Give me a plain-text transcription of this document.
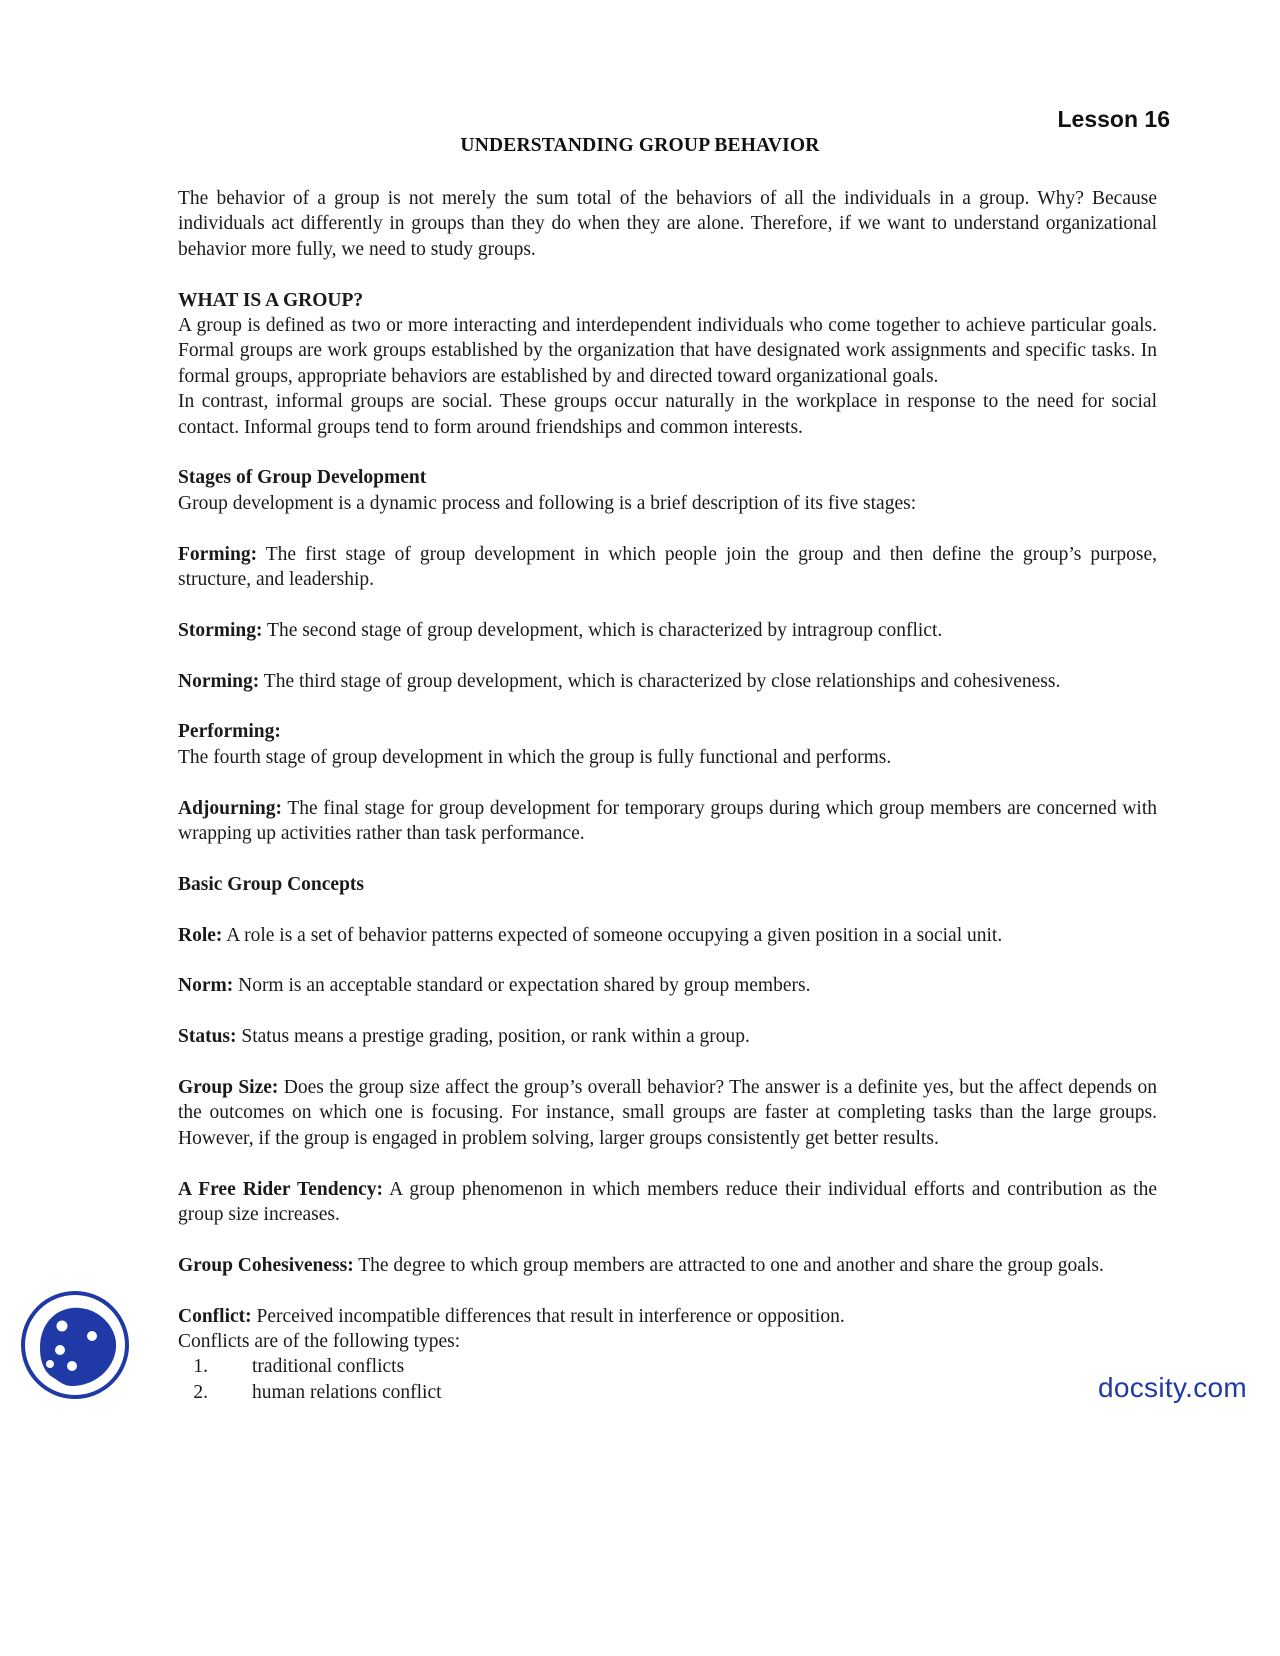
Lesson 16
UNDERSTANDING GROUP BEHAVIOR

The behavior of a group is not merely the sum total of the behaviors of all the individuals in a group. Why? Because individuals act differently in groups than they do when they are alone. Therefore, if we want to understand organizational behavior more fully, we need to study groups.

WHAT IS A GROUP?

A group is defined as two or more interacting and interdependent individuals who come together to achieve particular goals. Formal groups are work groups established by the organization that have designated work assignments and specific tasks. In formal groups, appropriate behaviors are established by and directed toward organizational goals.

In contrast, informal groups are social. These groups occur naturally in the workplace in response to the need for social contact. Informal groups tend to form around friendships and common interests.

Stages of Group Development

Group development is a dynamic process and following is a brief description of its five stages:

Forming: The first stage of group development in which people join the group and then define the group’s purpose, structure, and leadership.

Storming: The second stage of group development, which is characterized by intragroup conflict.

Norming: The third stage of group development, which is characterized by close relationships and cohesiveness.

Performing:

The fourth stage of group development in which the group is fully functional and performs.

Adjourning: The final stage for group development for temporary groups during which group members are concerned with wrapping up activities rather than task performance.

Basic Group Concepts

Role: A role is a set of behavior patterns expected of someone occupying a given position in a social unit.

Norm: Norm is an acceptable standard or expectation shared by group members.

Status: Status means a prestige grading, position, or rank within a group.

Group Size: Does the group size affect the group’s overall behavior? The answer is a definite yes, but the affect depends on the outcomes on which one is focusing. For instance, small groups are faster at completing tasks than the large groups. However, if the group is engaged in problem solving, larger groups consistently get better results.

A Free Rider Tendency: A group phenomenon in which members reduce their individual efforts and contribution as the group size increases.

Group Cohesiveness: The degree to which group members are attracted to one and another and share the group goals.

Conflict: Perceived incompatible differences that result in interference or opposition.

Conflicts are of the following types:

1. traditional conflicts
2. human relations conflict	docsity.com
